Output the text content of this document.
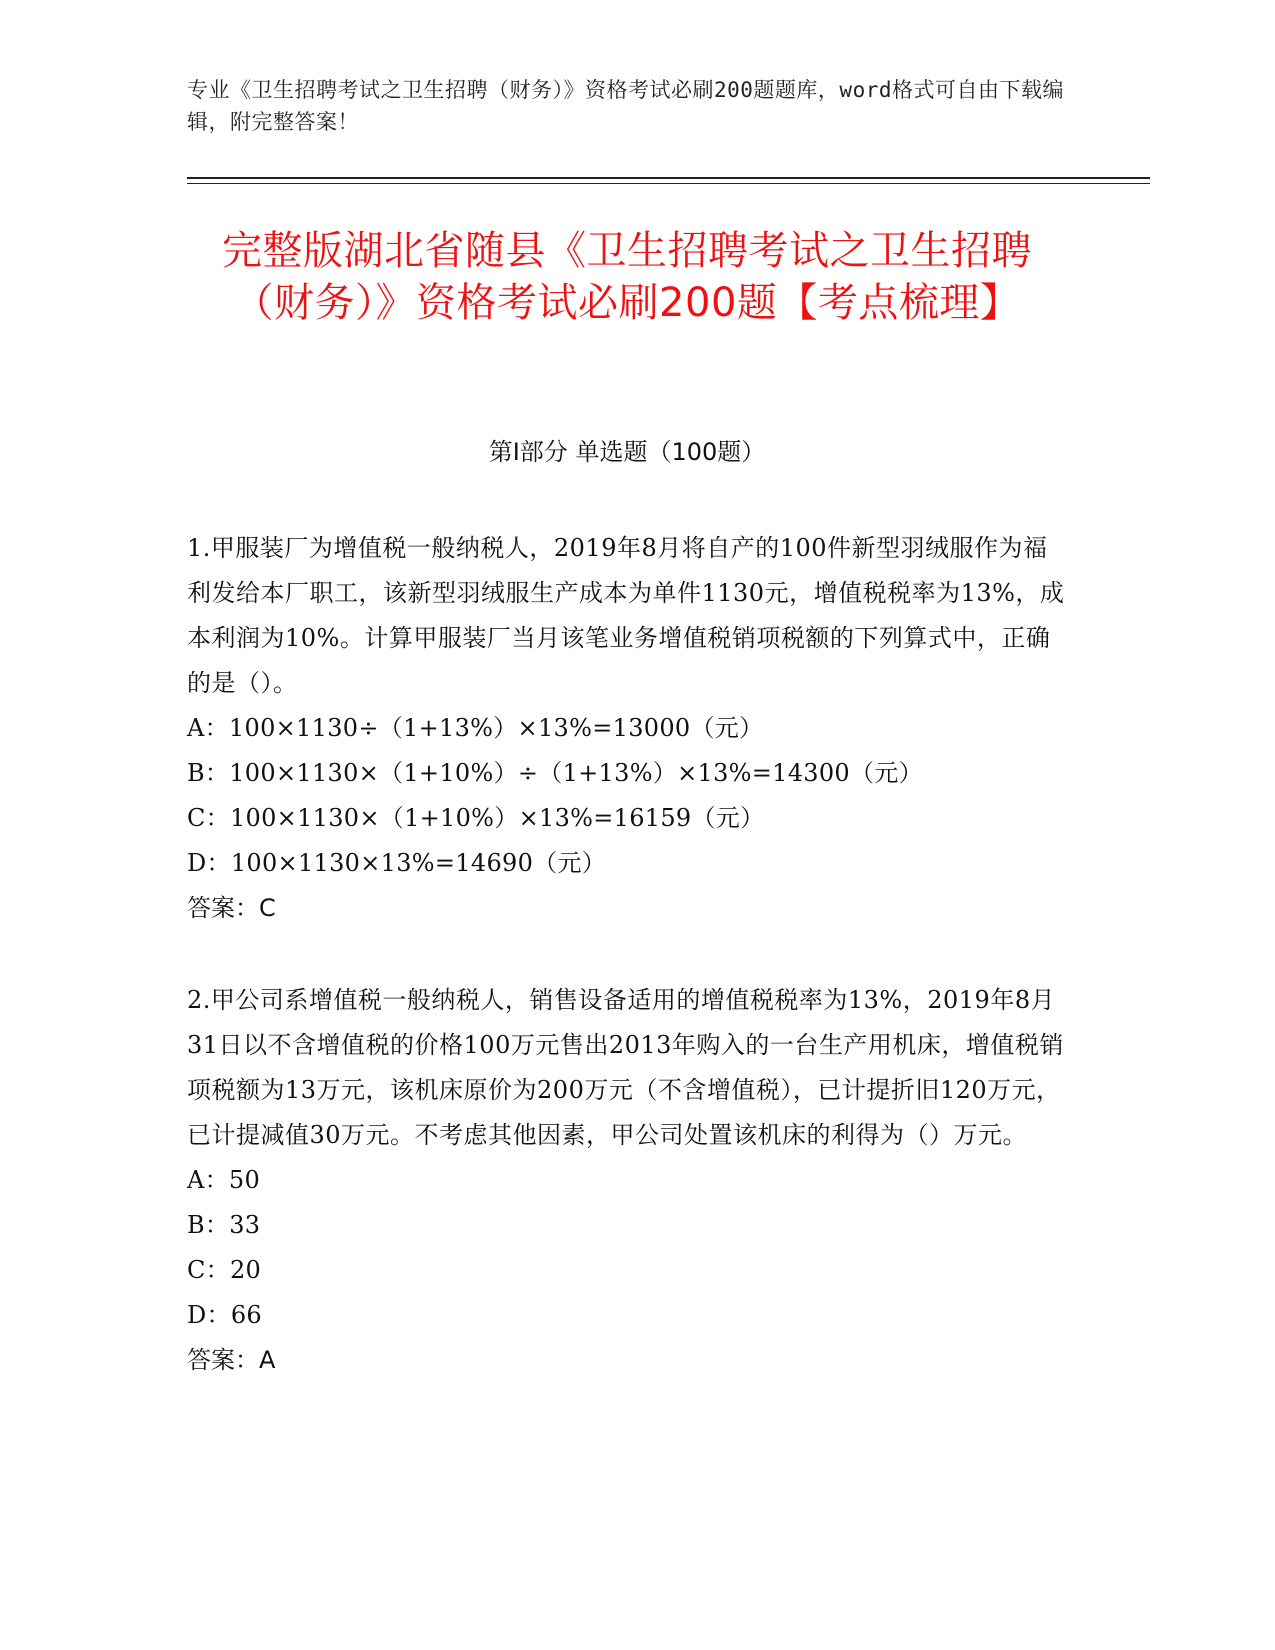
专业《卫生招聘考试之卫生招聘（财务）》资格考试必刷200题题库，word格式可自由下载编辑，附完整答案！
完整版湖北省随县《卫生招聘考试之卫生招聘（财务）》资格考试必刷200题【考点梳理】
第Ⅰ部分 单选题（100题）

1.甲服装厂为增值税一般纳税人，2019年8月将自产的100件新型羽绒服作为福利发给本厂职工，该新型羽绒服生产成本为单件1130元，增值税税率为13%，成本利润为10%。计算甲服装厂当月该笔业务增值税销项税额的下列算式中，正确的是（）。

A：100×1130÷（1+13%）×13%=13000（元）

B：100×1130×（1+10%）÷（1+13%）×13%=14300（元）

C：100×1130×（1+10%）×13%=16159（元）

D：100×1130×13%=14690（元）

答案：C

2.甲公司系增值税一般纳税人，销售设备适用的增值税税率为13%，2019年8月31日以不含增值税的价格100万元售出2013年购入的一台生产用机床，增值税销项税额为13万元，该机床原价为200万元（不含增值税），已计提折旧120万元，已计提减值30万元。不考虑其他因素，甲公司处置该机床的利得为（）万元。

A：50

B：33

C：20

D：66

答案：A
